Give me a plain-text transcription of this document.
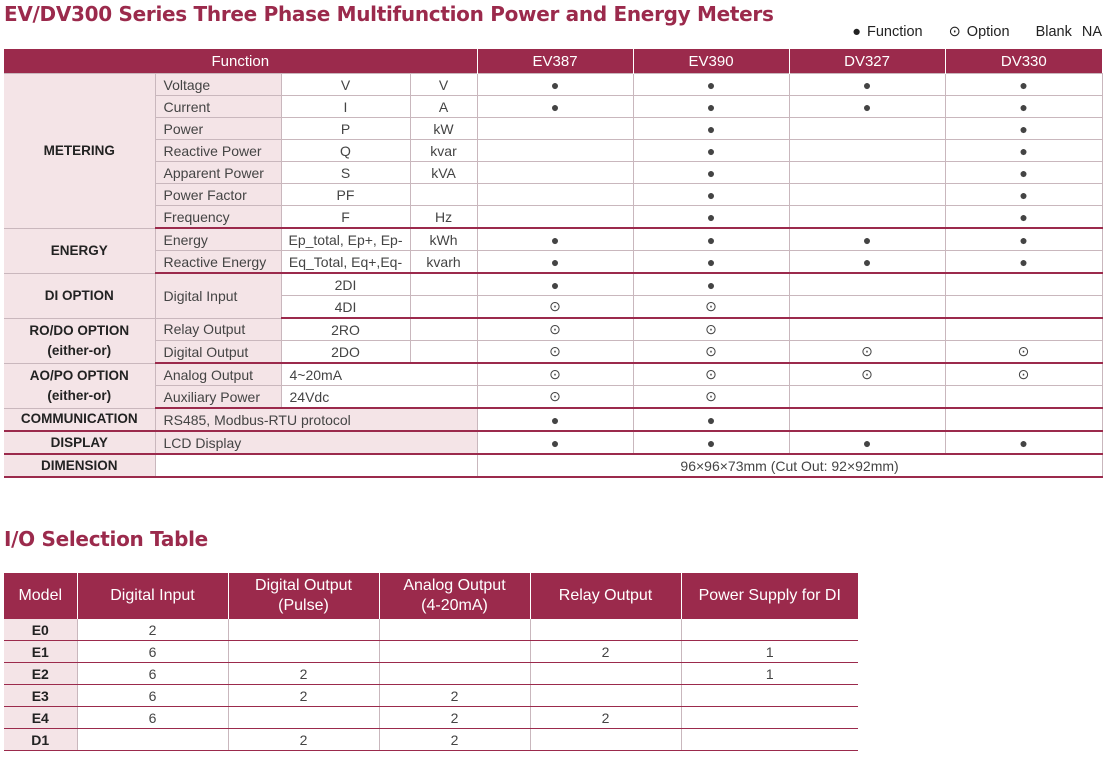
EV/DV300 Series Three Phase Multifunction Power and Energy Meters
● Function ⊙ Option Blank NA
Function				EV387	EV390	DV327	DV330
METERING	Voltage	V	V	●	●	●	●
	Current	I	A	●	●	●	●
	Power	P	kW		●		●
	Reactive Power	Q	kvar		●		●
	Apparent Power	S	kVA		●		●
	Power Factor	PF			●		●
	Frequency	F	Hz		●		●
ENERGY	Energy	Ep_total, Ep+, Ep-	kWh	●	●	●	●
	Reactive Energy	Eq_Total, Eq+,Eq-	kvarh	●	●	●	●
DI OPTION	Digital Input	2DI		●	●		
		4DI		⊙	⊙		
RO/DO OPTION
(either-or)	Relay Output	2RO		⊙	⊙		
	Digital Output	2DO		⊙	⊙	⊙	⊙
AO/PO OPTION
(either-or)	Analog Output	4~20mA		⊙	⊙	⊙	⊙
	Auxiliary Power	24Vdc		⊙	⊙		
COMMUNICATION	RS485, Modbus-RTU protocol			●	●		
DISPLAY	LCD Display			●	●	●	●
DIMENSION				96×96×73mm (Cut Out: 92×92mm)			
I/O Selection Table
Model	Digital Input	Digital Output
(Pulse)	Analog Output
(4-20mA)	Relay Output	Power Supply for DI
E0	2				
E1	6			2	1
E2	6	2			1
E3	6	2	2		
E4	6		2	2	
D1		2	2		
